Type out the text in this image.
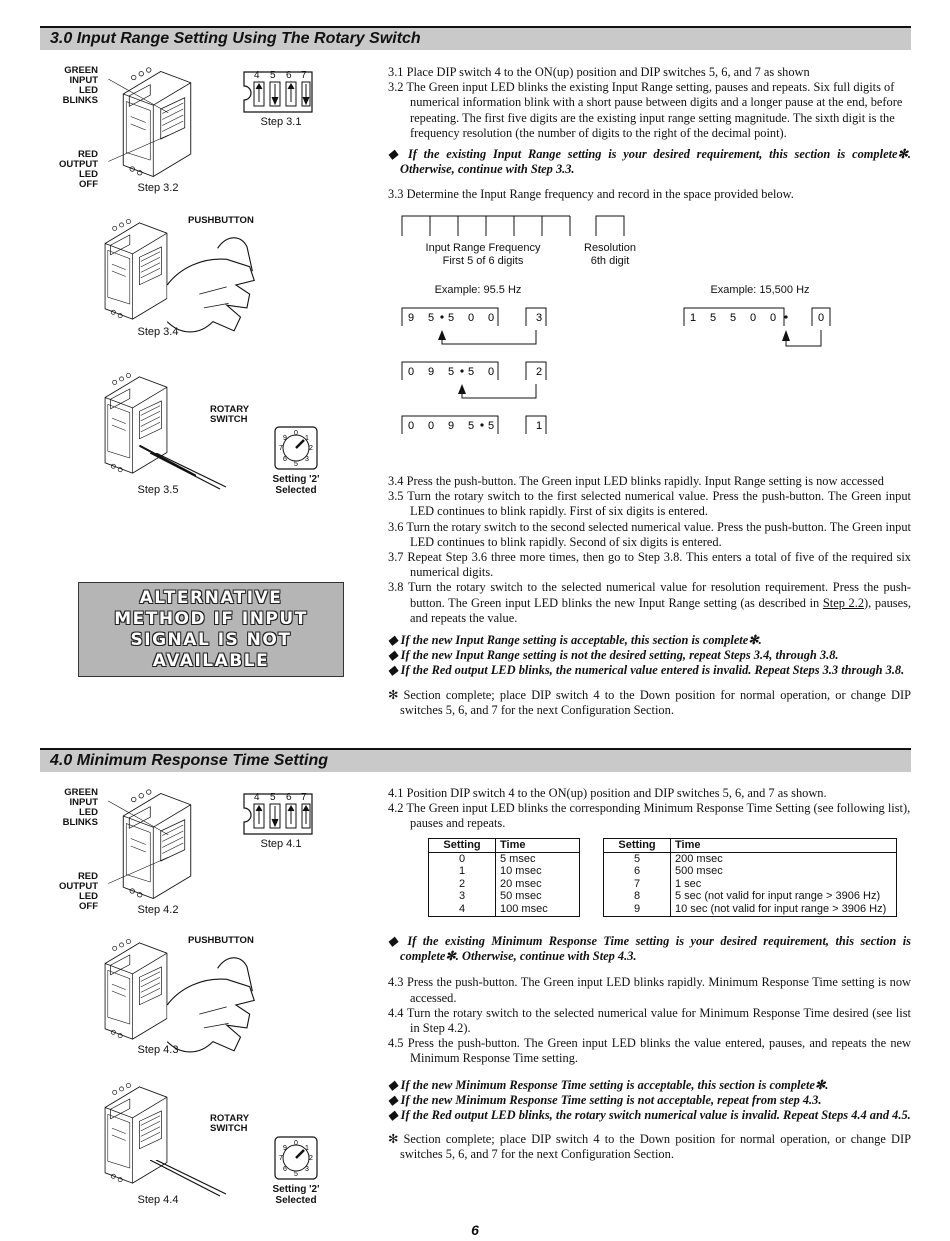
3.0 Input Range Setting Using The Rotary Switch
GREEN
INPUT
LED
BLINKS
RED
OUTPUT
LED
OFF	Step 3.2
4 5 6 7
Step 3.1
PUSHBUTTON
Step 3.4
ROTARY
SWITCH
0
1
2
3
5
6
7
9
Setting '2'
Selected
Step 3.5
ALTERNATIVE
METHOD IF INPUT
SIGNAL IS NOT
AVAILABLE

3.1 Place DIP switch 4 to the ON(up) position and DIP switches 5, 6, and 7 as shown

3.2 The Green input LED blinks the existing Input Range setting, pauses and repeats. Six full digits of numerical information blink with a short pause between digits and a longer pause at the end, before repeating. The first five digits are the existing input range setting magnitude. The sixth digit is the frequency resolution (the number of digits to the right of the decimal point).

◆ If the existing Input Range setting is your desired requirement, this section is complete✻. Otherwise, continue with Step 3.3.

3.3 Determine the Input Range frequency and record in the space provided below.

Input Range Frequency
First 5 of 6 digits
Resolution
6th digit
Example: 95.5 Hz	Example: 15,500 Hz
9 5 5 0 0	3
0 9 5 5 0	2
0 0 9 5 5	1
1 5 5 0 0	0

3.4 Press the push-button. The Green input LED blinks rapidly. Input Range setting is now accessed

3.5 Turn the rotary switch to the first selected numerical value. Press the push-button. The Green input LED continues to blink rapidly. First of six digits is entered.

3.6 Turn the rotary switch to the second selected numerical value. Press the push-button. The Green input LED continues to blink rapidly. Second of six digits is entered.

3.7 Repeat Step 3.6 three more times, then go to Step 3.8. This enters a total of five of the required six numerical digits.

3.8 Turn the rotary switch to the selected numerical value for resolution requirement. Press the push-button. The Green input LED blinks the new Input Range setting (as described in Step 2.2), pauses, and repeats the value.

◆ If the new Input Range setting is acceptable, this section is complete✻.

◆ If the new Input Range setting is not the desired setting, repeat Steps 3.4, through 3.8.

◆ If the Red output LED blinks, the numerical value entered is invalid. Repeat Steps 3.3 through 3.8.

✻ Section complete; place DIP switch 4 to the Down position for normal operation, or change DIP switches 5, 6, and 7 for the next Configuration Section.

4.0 Minimum Response Time Setting
GREEN
INPUT
LED
BLINKS
RED
OUTPUT
LED
OFF	Step 4.2
4 5 6 7
Step 4.1
PUSHBUTTON
Step 4.3
ROTARY
SWITCH
0
1
2
3
5
6
7
9
Setting '2'
Selected
Step 4.4

4.1 Position DIP switch 4 to the ON(up) position and DIP switches 5, 6, and 7 as shown.

4.2 The Green input LED blinks the corresponding Minimum Response Time Setting (see following list), pauses and repeats.

Setting	Time
0	5 msec
1	10 msec
2	20 msec
3	50 msec
4	100 msec
Setting	Time
5	200 msec
6	500 msec
7	1 sec
8	5 sec (not valid for input range > 3906 Hz)
9	10 sec (not valid for input range > 3906 Hz)

◆ If the existing Minimum Response Time setting is your desired requirement, this section is complete✻. Otherwise, continue with Step 4.3.

4.3 Press the push-button. The Green input LED blinks rapidly. Minimum Response Time setting is now accessed.

4.4 Turn the rotary switch to the selected numerical value for Minimum Response Time desired (see list in Step 4.2).

4.5 Press the push-button. The Green input LED blinks the value entered, pauses, and repeats the new Minimum Response Time setting.

◆ If the new Minimum Response Time setting is acceptable, this section is complete✻.

◆ If the new Minimum Response Time setting is not acceptable, repeat from step 4.3.

◆ If the Red output LED blinks, the rotary switch numerical value is invalid. Repeat Steps 4.4 and 4.5.

✻ Section complete; place DIP switch 4 to the Down position for normal operation, or change DIP switches 5, 6, and 7 for the next Configuration Section.

6
